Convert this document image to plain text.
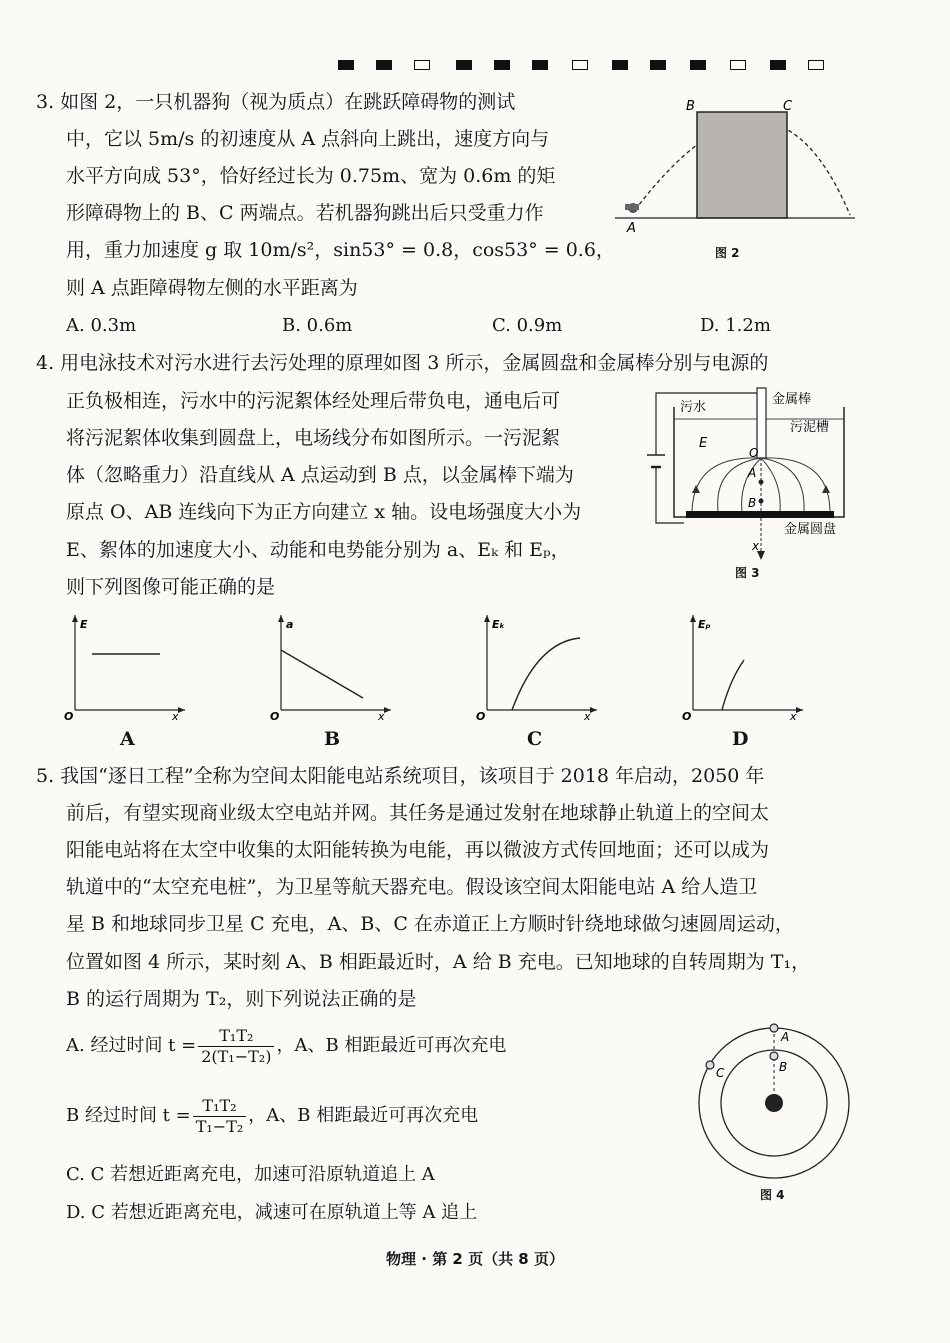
3. 如图 2，一只机器狗（视为质点）在跳跃障碍物的测试
中，它以 5m/s 的初速度从 A 点斜向上跳出，速度方向与
水平方向成 53°，恰好经过长为 0.75m、宽为 0.6m 的矩
形障碍物上的 B、C 两端点。若机器狗跳出后只受重力作
用，重力加速度 g 取 10m/s²，sin53° = 0.8，cos53° = 0.6，
则 A 点距障碍物左侧的水平距离为
A. 0.3m	B. 0.6m	C. 0.9m	D. 1.2m
A
B	C
图 2
4. 用电泳技术对污水进行去污处理的原理如图 3 所示，金属圆盘和金属棒分别与电源的
正负极相连，污水中的污泥絮体经处理后带负电，通电后可
将污泥絮体收集到圆盘上，电场线分布如图所示。一污泥絮
体（忽略重力）沿直线从 A 点运动到 B 点，以金属棒下端为
原点 O、AB 连线向下为正方向建立 x 轴。设电场强度大小为
E、絮体的加速度大小、动能和电势能分别为 a、Eₖ 和 Eₚ，
则下列图像可能正确的是
污水
金属棒
污泥槽
E
O
A
B
x
金属圆盘
图 3
E
O	x
A
a
O	x
B
Eₖ
O	x
C
Eₚ
O	x
D
5. 我国“逐日工程”全称为空间太阳能电站系统项目，该项目于 2018 年启动，2050 年
前后，有望实现商业级太空电站并网。其任务是通过发射在地球静止轨道上的空间太
阳能电站将在太空中收集的太阳能转换为电能，再以微波方式传回地面；还可以成为
轨道中的“太空充电桩”，为卫星等航天器充电。假设该空间太阳能电站 A 给人造卫
星 B 和地球同步卫星 C 充电，A、B、C 在赤道正上方顺时针绕地球做匀速圆周运动，
位置如图 4 所示，某时刻 A、B 相距最近时，A 给 B 充电。已知地球的自转周期为 T₁，
B 的运行周期为 T₂，则下列说法正确的是
A. 经过时间 $t = \frac{\text{T₁T₂}}{\text{2(T₁−T₂)}}$ ，A、B 相距最近可再次充电
B 经过时间 $t = \frac{\text{T₁T₂}}{\text{T₁−T₂}}$ ，A、B 相距最近可再次充电
C. C 若想近距离充电，加速可沿原轨道追上 A
D. C 若想近距离充电，减速可在原轨道上等 A 追上
A
B
C
图 4
物理 · 第 2 页（共 8 页）
